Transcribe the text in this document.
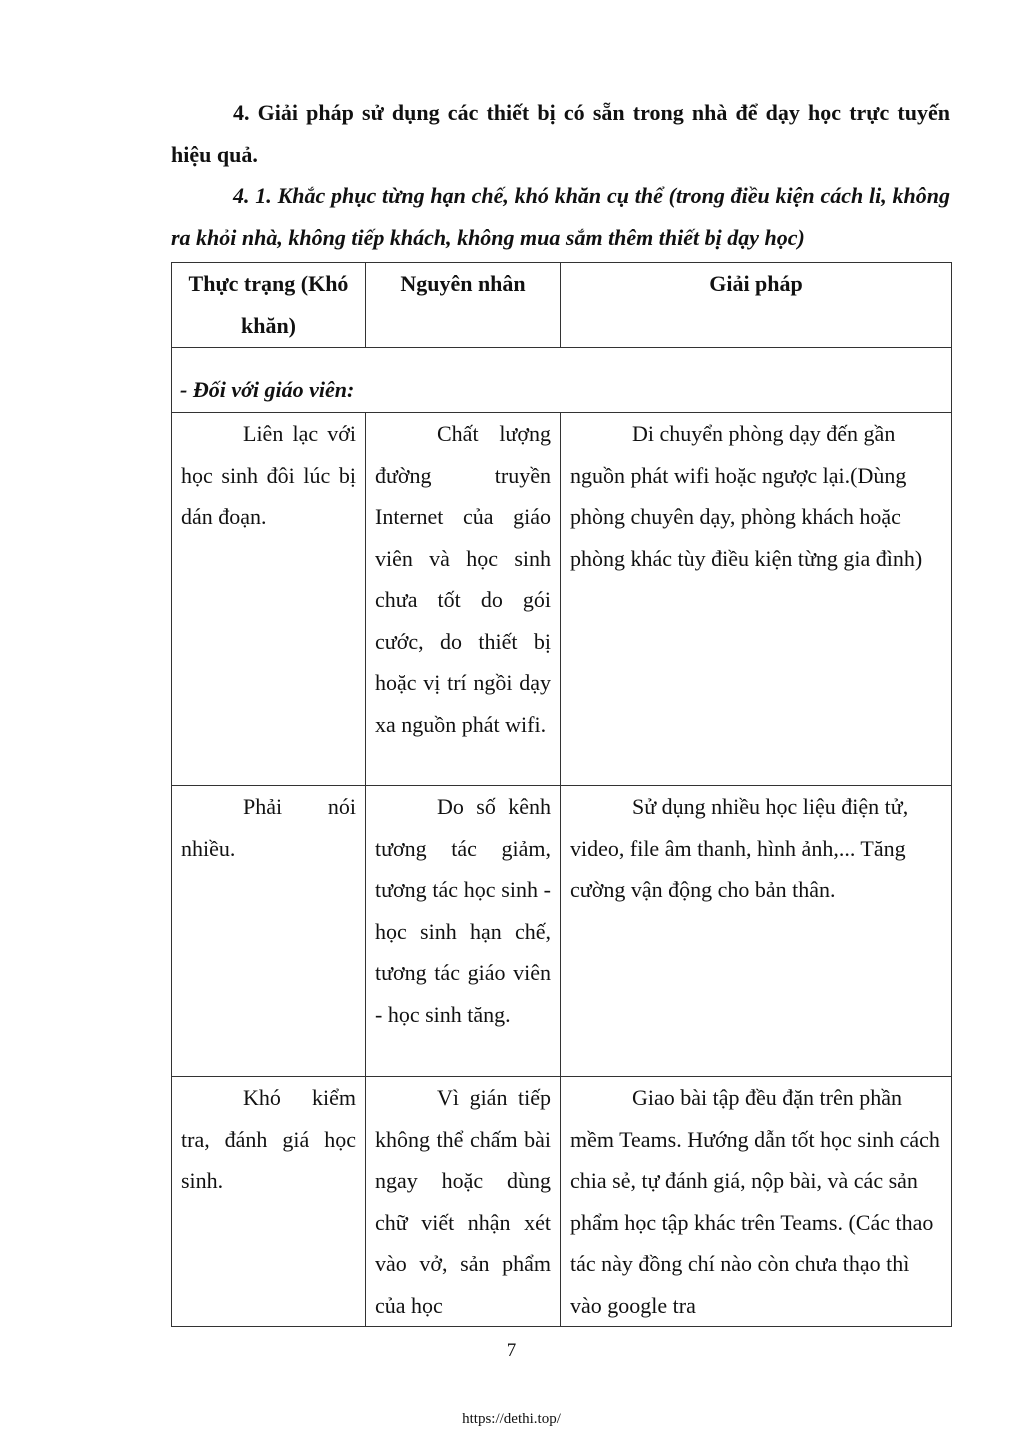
4. Giải pháp sử dụng các thiết bị có sẵn trong nhà để dạy học trực tuyến hiệu quả.
4. 1. Khắc phục từng hạn chế, khó khăn cụ thể (trong điều kiện cách li, không ra khỏi nhà, không tiếp khách, không mua sắm thêm thiết bị dạy học)
Thực trạng (Khó khăn)	Nguyên nhân	Giải pháp

- Đối với giáo viên:		

Liên lạc với học sinh đôi lúc bị dán đoạn.	Chất lượng đường truyền Internet của giáo viên và học sinh chưa tốt do gói cước, do thiết bị hoặc vị trí ngồi dạy xa nguồn phát wifi.	Di chuyển phòng dạy đến gần nguồn phát wifi hoặc ngược lại.(Dùng phòng chuyên dạy, phòng khách hoặc phòng khác tùy điều kiện từng gia đình)

Phải nói nhiều.	Do số kênh tương tác giảm, tương tác học sinh - học sinh hạn chế, tương tác giáo viên - học sinh tăng.	Sử dụng nhiều học liệu điện tử, video, file âm thanh, hình ảnh,... Tăng cường vận động cho bản thân.

Khó kiểm tra, đánh giá học sinh.	Vì gián tiếp không thể chấm bài ngay hoặc dùng chữ viết nhận xét vào vở, sản phẩm của học	Giao bài tập đều đặn trên phần mềm Teams. Hướng dẫn tốt học sinh cách chia sẻ, tự đánh giá, nộp bài, và các sản phẩm học tập khác trên Teams. (Các thao tác này đồng chí nào còn chưa thạo thì vào google tra
7
https://dethi.top/
